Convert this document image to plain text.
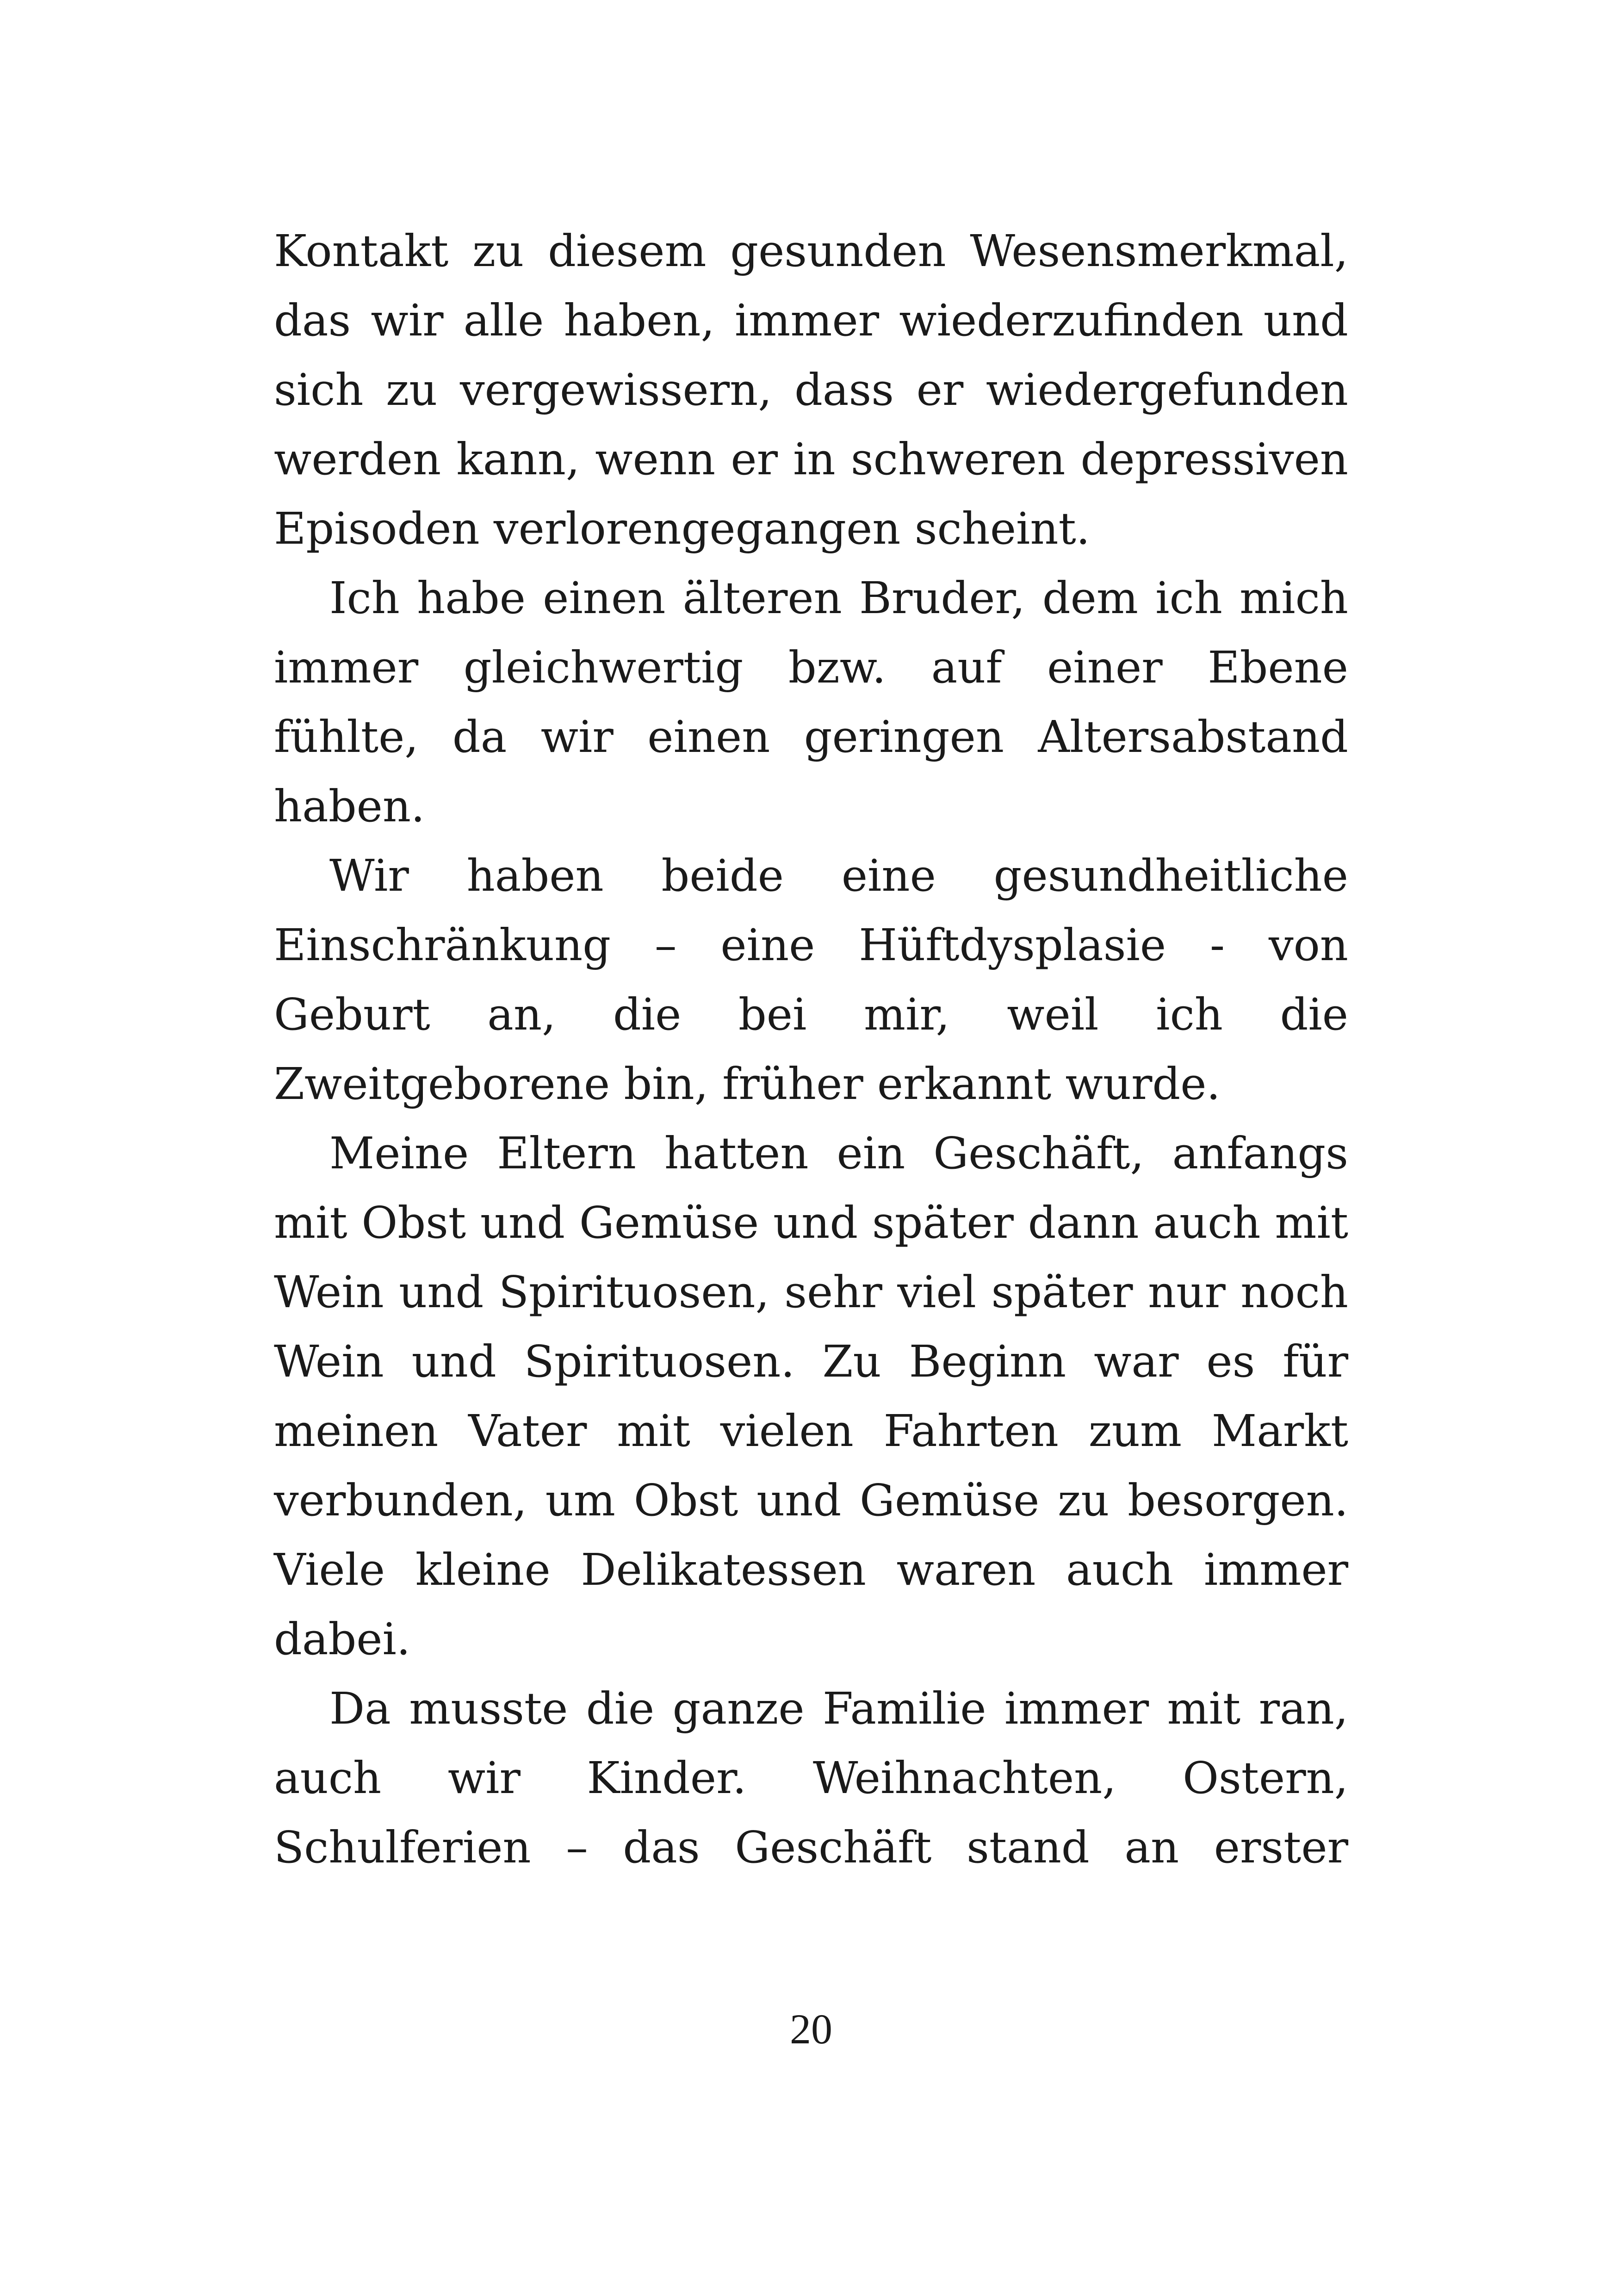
Kontakt zu diesem gesunden Wesensmerkmal, das wir alle haben, immer wiederzufinden und sich zu vergewissern, dass er wiedergefunden werden kann, wenn er in schweren depressiven Episoden verlorengegangen scheint.

Ich habe einen älteren Bruder, dem ich mich immer gleichwertig bzw. auf einer Ebene fühlte, da wir einen geringen Altersabstand haben.

Wir haben beide eine gesundheitliche Einschränkung – eine Hüftdysplasie - von Geburt an, die bei mir, weil ich die Zweitgeborene bin, früher erkannt wurde.

Meine Eltern hatten ein Geschäft, anfangs mit Obst und Gemüse und später dann auch mit Wein und Spirituosen, sehr viel später nur noch Wein und Spirituosen. Zu Beginn war es für meinen Vater mit vielen Fahrten zum Markt verbunden, um Obst und Gemüse zu besorgen. Viele kleine Delikatessen waren auch immer dabei.

Da musste die ganze Familie immer mit ran, auch wir Kinder. Weihnachten, Ostern, Schulferien – das Geschäft stand an erster

20
